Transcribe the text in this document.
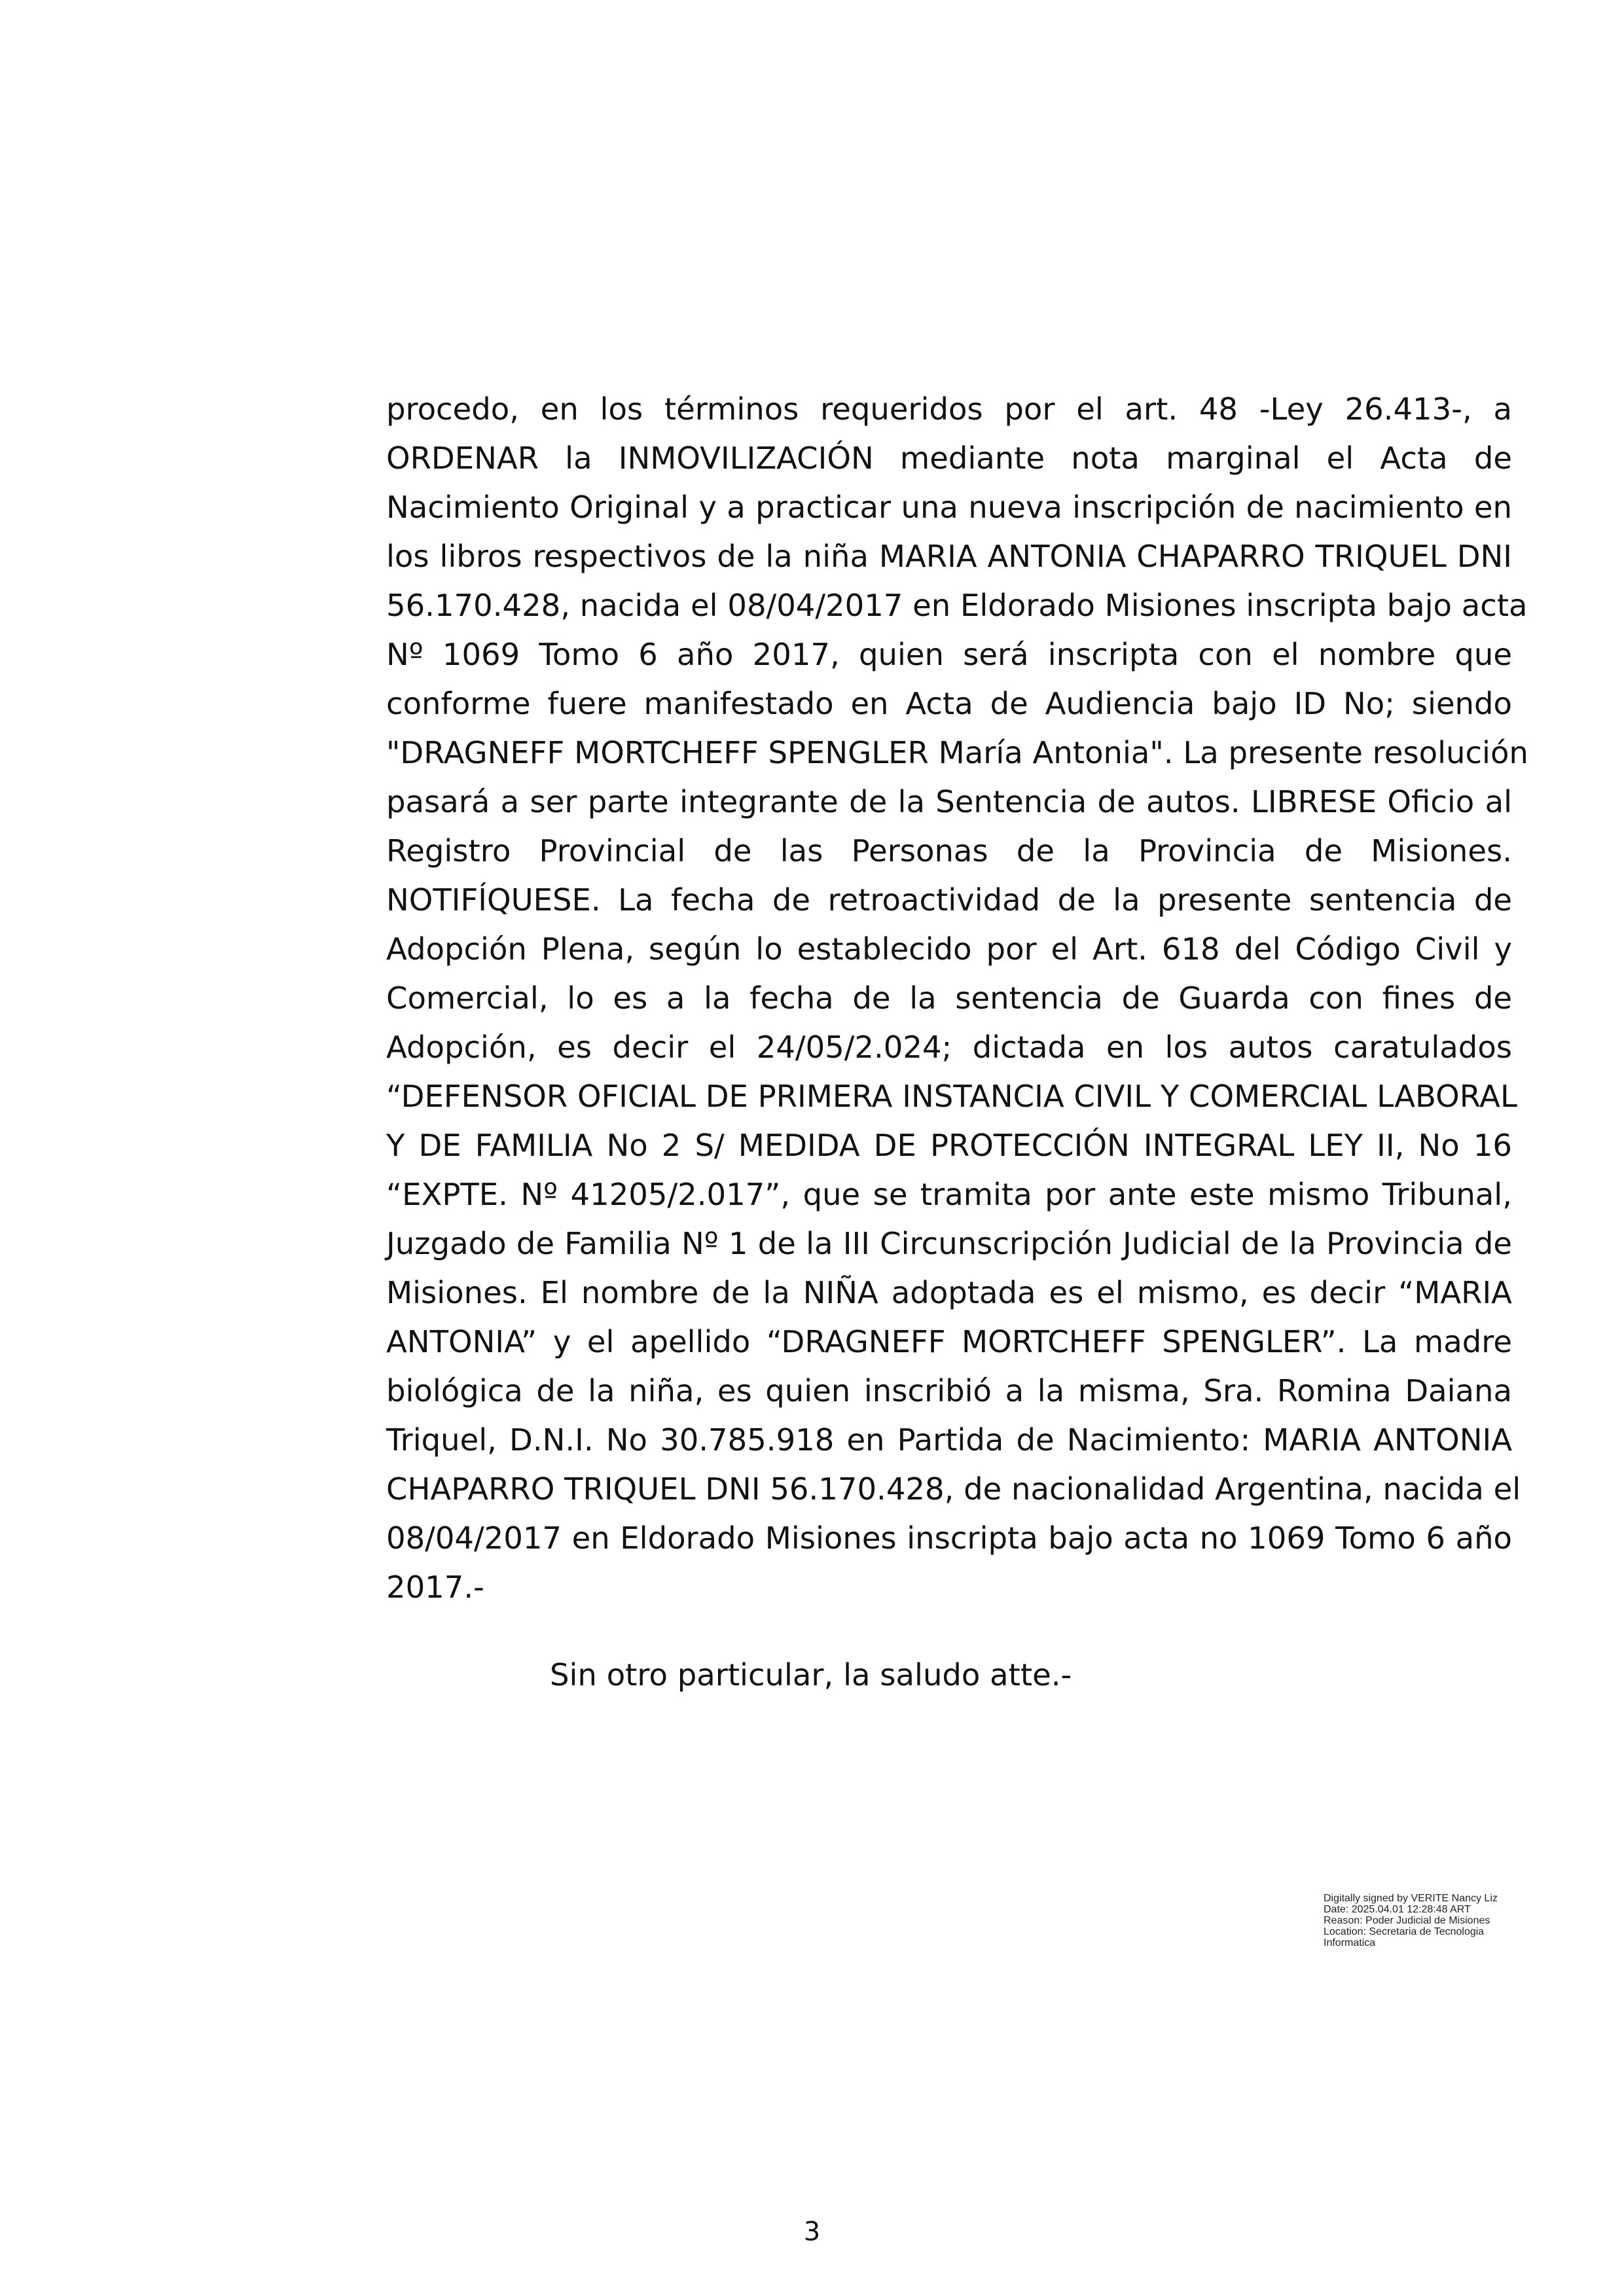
procedo, en los términos requeridos por el art. 48 -Ley 26.413-, a
ORDENAR la INMOVILIZACIÓN mediante nota marginal el Acta de
Nacimiento Original y a practicar una nueva inscripción de nacimiento en
los libros respectivos de la niña MARIA ANTONIA CHAPARRO TRIQUEL DNI
56.170.428, nacida el 08/04/2017 en Eldorado Misiones inscripta bajo acta
Nº 1069 Tomo 6 año 2017, quien será inscripta con el nombre que
conforme fuere manifestado en Acta de Audiencia bajo ID No; siendo
"DRAGNEFF MORTCHEFF SPENGLER María Antonia". La presente resolución
pasará a ser parte integrante de la Sentencia de autos. LIBRESE Oficio al
Registro Provincial de las Personas de la Provincia de Misiones.
NOTIFÍQUESE. La fecha de retroactividad de la presente sentencia de
Adopción Plena, según lo establecido por el Art. 618 del Código Civil y
Comercial, lo es a la fecha de la sentencia de Guarda con fines de
Adopción, es decir el 24/05/2.024; dictada en los autos caratulados
“DEFENSOR OFICIAL DE PRIMERA INSTANCIA CIVIL Y COMERCIAL LABORAL
Y DE FAMILIA No 2 S/ MEDIDA DE PROTECCIÓN INTEGRAL LEY II, No 16
“EXPTE. Nº 41205/2.017”, que se tramita por ante este mismo Tribunal,
Juzgado de Familia Nº 1 de la III Circunscripción Judicial de la Provincia de
Misiones. El nombre de la NIÑA adoptada es el mismo, es decir “MARIA
ANTONIA” y el apellido “DRAGNEFF MORTCHEFF SPENGLER”. La madre
biológica de la niña, es quien inscribió a la misma, Sra. Romina Daiana
Triquel, D.N.I. No 30.785.918 en Partida de Nacimiento: MARIA ANTONIA
CHAPARRO TRIQUEL DNI 56.170.428, de nacionalidad Argentina, nacida el
08/04/2017 en Eldorado Misiones inscripta bajo acta no 1069 Tomo 6 año
2017.-

Sin otro particular, la saludo atte.-

Digitally signed by VERITE Nancy Liz
Date: 2025.04.01 12:28:48 ART
Reason: Poder Judicial de Misiones
Location: Secretaria de Tecnologia
Informatica

3
